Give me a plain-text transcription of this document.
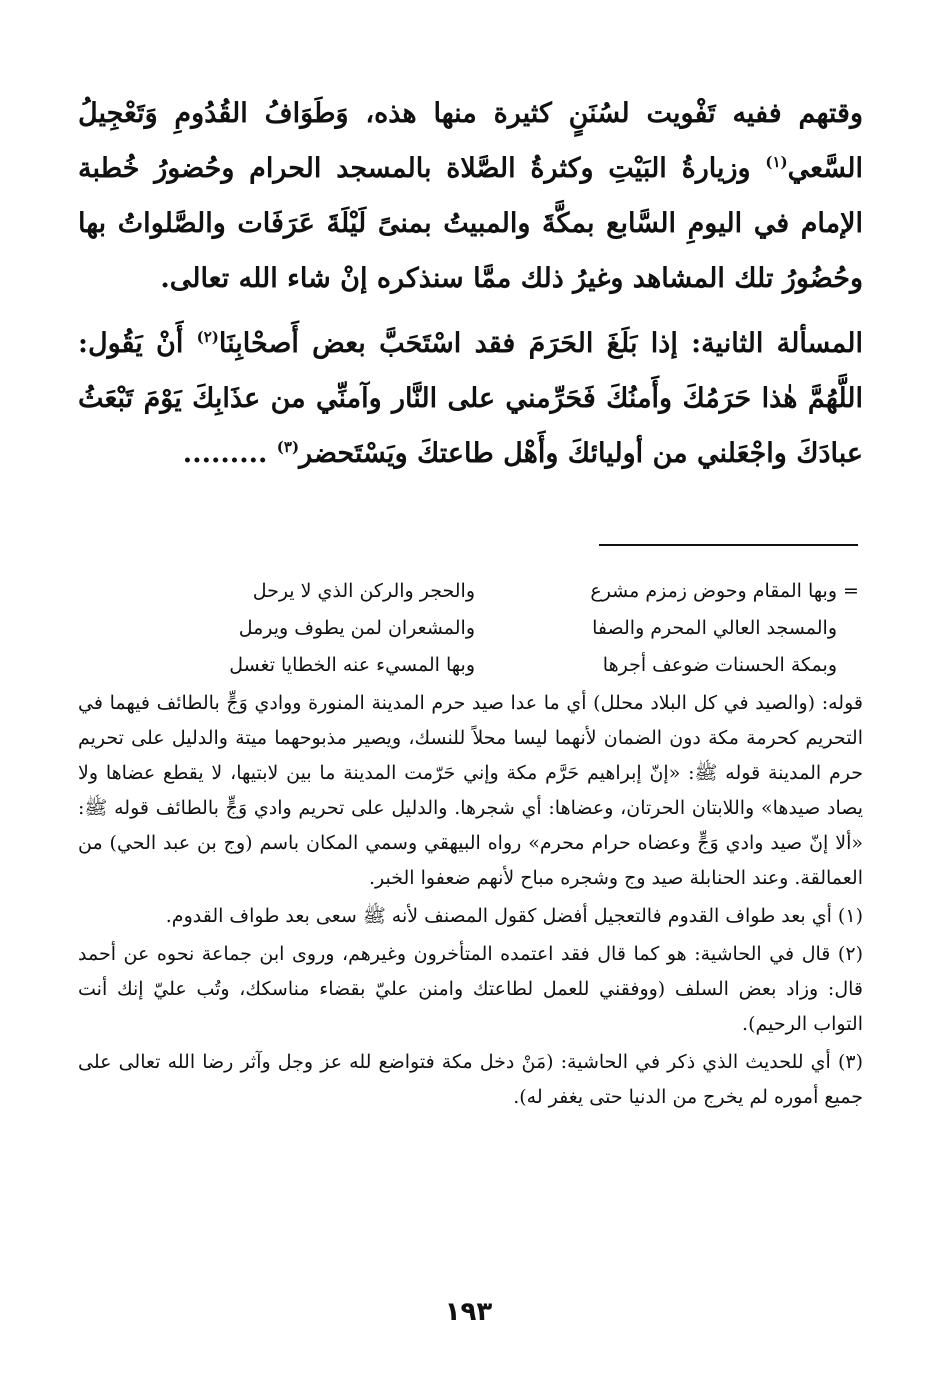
وقتهم ففيه تَفْويت لسُنَنٍ كثيرة منها هذه، وَطَوَافُ القُدُومِ وَتَعْجِيلُ السَّعي$^{(١)}$ وزيارةُ البَيْتِ وكثرةُ الصَّلاة بالمسجد الحرام وحُضورُ خُطبة الإمام في اليومِ السَّابع بمكَّةَ والمبيتُ بمنىً لَيْلَةَ عَرَفَات والصَّلواتُ بها وحُضُورُ تلك المشاهد وغيرُ ذلك ممَّا سنذكره إنْ شاء الله تعالى.

المسألة الثانية: إذا بَلَغَ الحَرَمَ فقد اسْتَحَبَّ بعض أَصحْابِنَا$^{(٢)}$ أَنْ يَقُول: اللَّهُمَّ هٰذا حَرَمُكَ وأَمنُكَ فَحَرِّمني على النَّار وآمنِّي من عذَابِكَ يَوْمَ تَبْعَثُ عبادَكَ واجْعَلني من أوليائكَ وأَهْل طاعتكَ ويَسْتَحضر$^{(٣)}$ .........

=
وبها المقام وحوض زمزم مشرع
والحجر والركن الذي لا يرحل
والمسجد العالي المحرم والصفا
والمشعران لمن يطوف ويرمل
وبمكة الحسنات ضوعف أجرها
وبها المسيء عنه الخطايا تغسل

قوله: (والصيد في كل البلاد محلل) أي ما عدا صيد حرم المدينة المنورة ووادي وَجٍّ بالطائف فيهما في التحريم كحرمة مكة دون الضمان لأنهما ليسا محلاً للنسك، ويصير مذبوحهما ميتة والدليل على تحريم حرم المدينة قوله ﷺ: «إنّ إبراهيم حَرَّم مكة وإني حَرّمت المدينة ما بين لابتيها، لا يقطع عضاها ولا يصاد صيدها» واللابتان الحرتان، وعضاها: أي شجرها. والدليل على تحريم وادي وَجٍّ بالطائف قوله ﷺ: «ألا إنّ صيد وادي وَجٍّ وعضاه حرام محرم» رواه البيهقي وسمي المكان باسم (وج بن عبد الحي) من العمالقة. وعند الحنابلة صيد وج وشجره مباح لأنهم ضعفوا الخبر.

(١) أي بعد طواف القدوم فالتعجيل أفضل كقول المصنف لأنه ﷺ سعى بعد طواف القدوم.

(٢) قال في الحاشية: هو كما قال فقد اعتمده المتأخرون وغيرهم، وروى ابن جماعة نحوه عن أحمد قال: وزاد بعض السلف (ووفقني للعمل لطاعتك وامنن عليّ بقضاء مناسكك، وتُب عليّ إنك أنت التواب الرحيم).

(٣) أي للحديث الذي ذكر في الحاشية: (مَنْ دخل مكة فتواضع لله عز وجل وآثر رضا الله تعالى على جميع أموره لم يخرج من الدنيا حتى يغفر له).

١٩٣
